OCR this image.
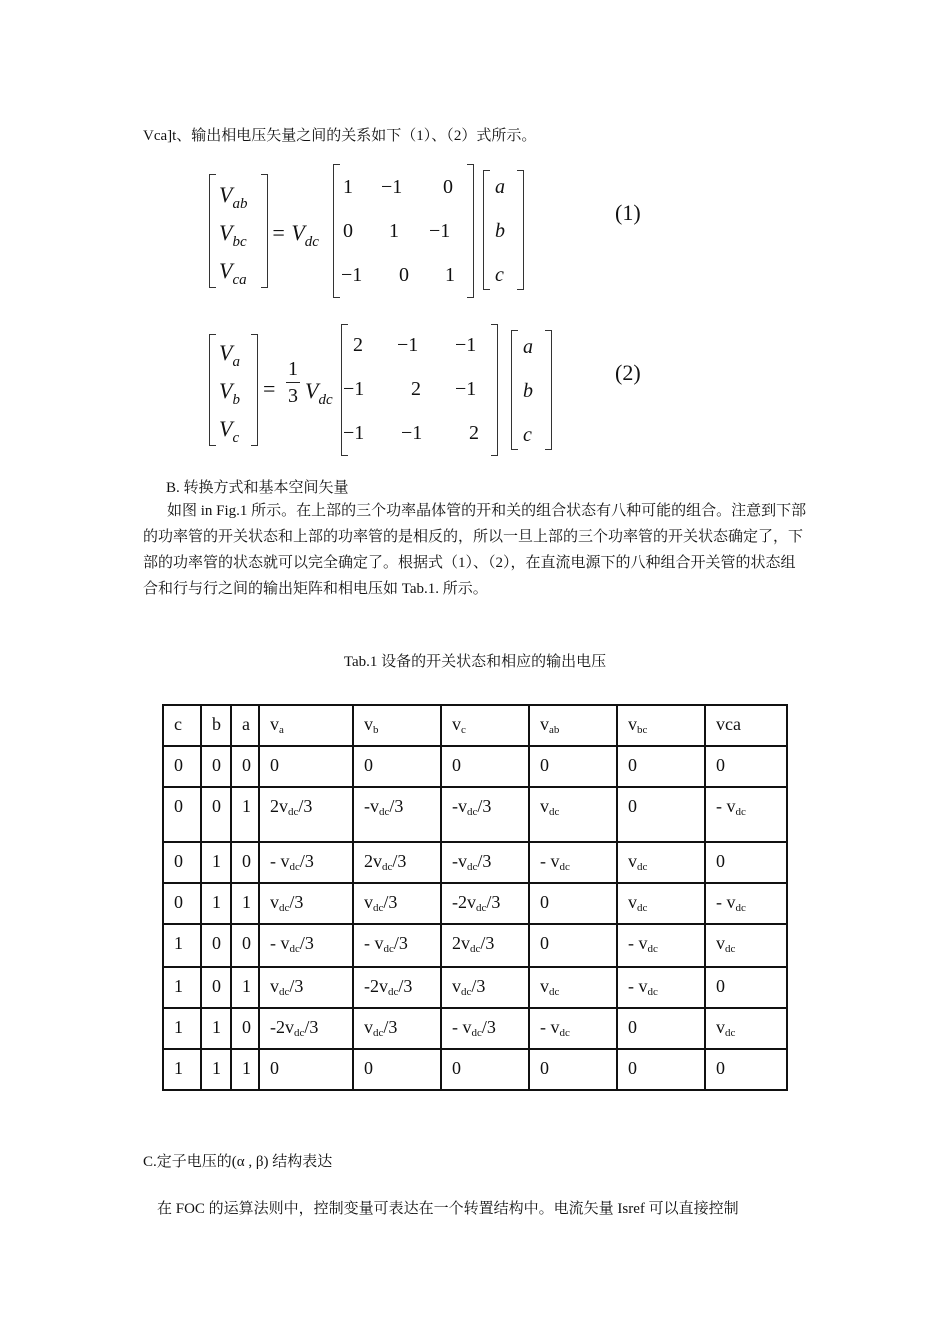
Vca]t、输出相电压矢量之间的关系如下（1）、（2）式所示。
$V_{ab}$
$V_{bc}$
$V_{ca}$
= $V_{dc}$
1 −1 0
0 1 −1
−1 0 1
a
b
c
(1)
$V_a$
$V_b$
$V_c$
=
1
3 $V_{dc}$
2 −1 −1
−1 2 −1
−1 −1 2
a
b
c
(2)
B. 转换方式和基本空间矢量
如图 in Fig.1 所示。在上部的三个功率晶体管的开和关的组合状态有八种可能的组合。注意到下部的功率管的开关状态和上部的功率管的是相反的，所以一旦上部的三个功率管的开关状态确定了，下部的功率管的状态就可以完全确定了。根据式（1）、（2），在直流电源下的八种组合开关管的状态组合和行与行之间的输出矩阵和相电压如 Tab.1. 所示。
Tab.1 设备的开关状态和相应的输出电压
c	b	a	va	vb	vc	vab	vbc	vca
0	0	0	0	0	0	0	0	0
0	0	1	2vdc/3	-vdc/3	-vdc/3	vdc	0	- vdc
0	1	0	- vdc/3	2vdc/3	-vdc/3	- vdc	vdc	0
0	1	1	vdc/3	vdc/3	-2vdc/3	0	vdc	- vdc
1	0	0	- vdc/3	- vdc/3	2vdc/3	0	- vdc	vdc
1	0	1	vdc/3	-2vdc/3	vdc/3	vdc	- vdc	0
1	1	0	-2vdc/3	vdc/3	- vdc/3	- vdc	0	vdc
1	1	1	0	0	0	0	0	0
C.定子电压的(α , β) 结构表达
在 FOC 的运算法则中，控制变量可表达在一个转置结构中。电流矢量 Isref 可以直接控制
